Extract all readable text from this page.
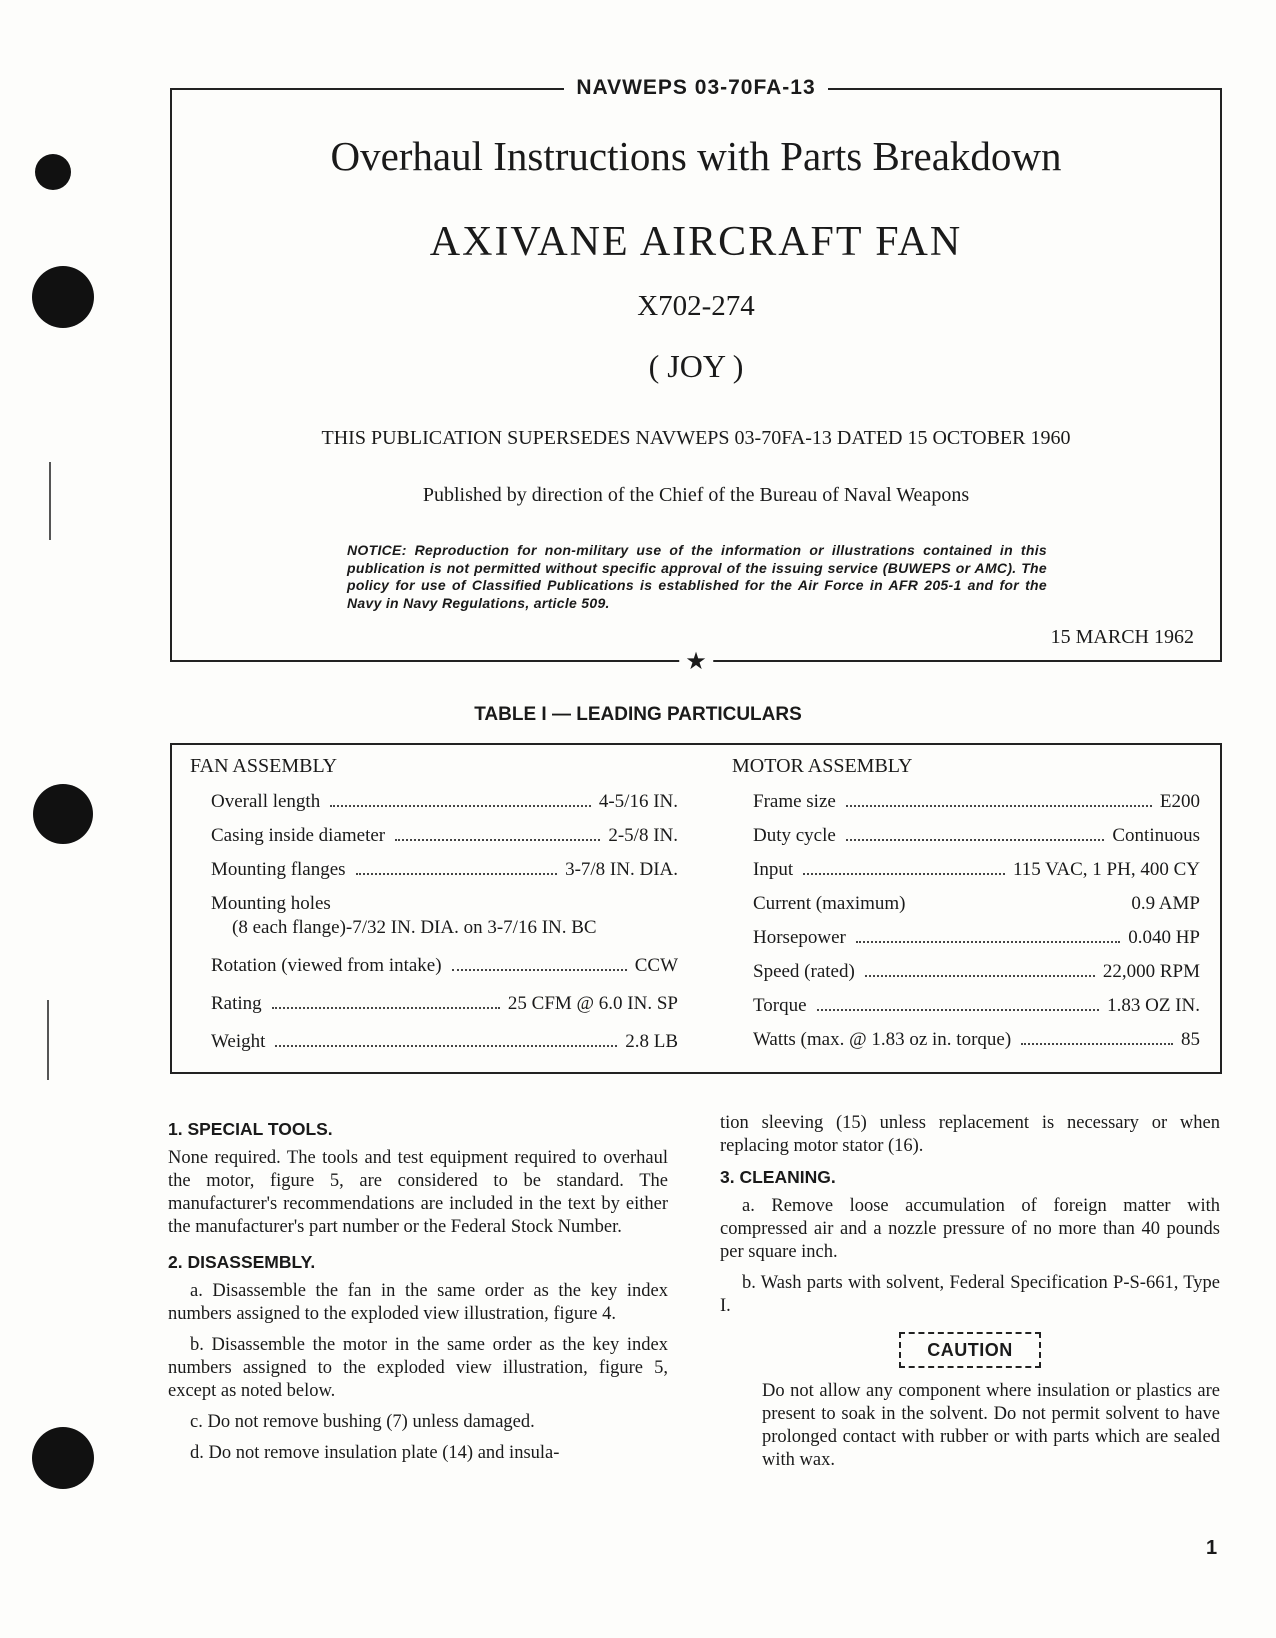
NAVWEPS 03-70FA-13
Overhaul Instructions with Parts Breakdown
AXIVANE AIRCRAFT FAN
X702-274
( JOY )
THIS PUBLICATION SUPERSEDES NAVWEPS 03-70FA-13 DATED 15 OCTOBER 1960
Published by direction of the Chief of the Bureau of Naval Weapons
NOTICE: Reproduction for non-military use of the information or illustrations contained in this publication is not permitted without specific approval of the issuing service (BUWEPS or AMC). The policy for use of Classified Publications is established for the Air Force in AFR 205-1 and for the Navy in Navy Regulations, article 509.
15 MARCH 1962
★
TABLE I — LEADING PARTICULARS
FAN ASSEMBLY
Overall length	4-5/16 IN.
Casing inside diameter	2-5/8 IN.
Mounting flanges	3-7/8 IN. DIA.
Mounting holes
(8 each flange)-7/32 IN. DIA. on 3-7/16 IN. BC
Rotation (viewed from intake)	CCW
Rating	25 CFM @ 6.0 IN. SP
Weight	2.8 LB
MOTOR ASSEMBLY
Frame size	E200
Duty cycle	Continuous
Input	115 VAC, 1 PH, 400 CY
Current (maximum)	0.9 AMP
Horsepower	0.040 HP
Speed (rated)	22,000 RPM
Torque	1.83 OZ IN.
Watts (max. @ 1.83 oz in. torque)	85
1. SPECIAL TOOLS.

None required. The tools and test equipment required to overhaul the motor, figure 5, are considered to be standard. The manufacturer's recommendations are included in the text by either the manufacturer's part number or the Federal Stock Number.

2. DISASSEMBLY.

a. Disassemble the fan in the same order as the key index numbers assigned to the exploded view illustration, figure 4.

b. Disassemble the motor in the same order as the key index numbers assigned to the exploded view illustration, figure 5, except as noted below.

c. Do not remove bushing (7) unless damaged.

d. Do not remove insulation plate (14) and insula-

tion sleeving (15) unless replacement is necessary or when replacing motor stator (16).

3. CLEANING.

a. Remove loose accumulation of foreign matter with compressed air and a nozzle pressure of no more than 40 pounds per square inch.

b. Wash parts with solvent, Federal Specification P-S-661, Type I.

CAUTION

Do not allow any component where insulation or plastics are present to soak in the solvent. Do not permit solvent to have prolonged contact with rubber or with parts which are sealed with wax.

1
